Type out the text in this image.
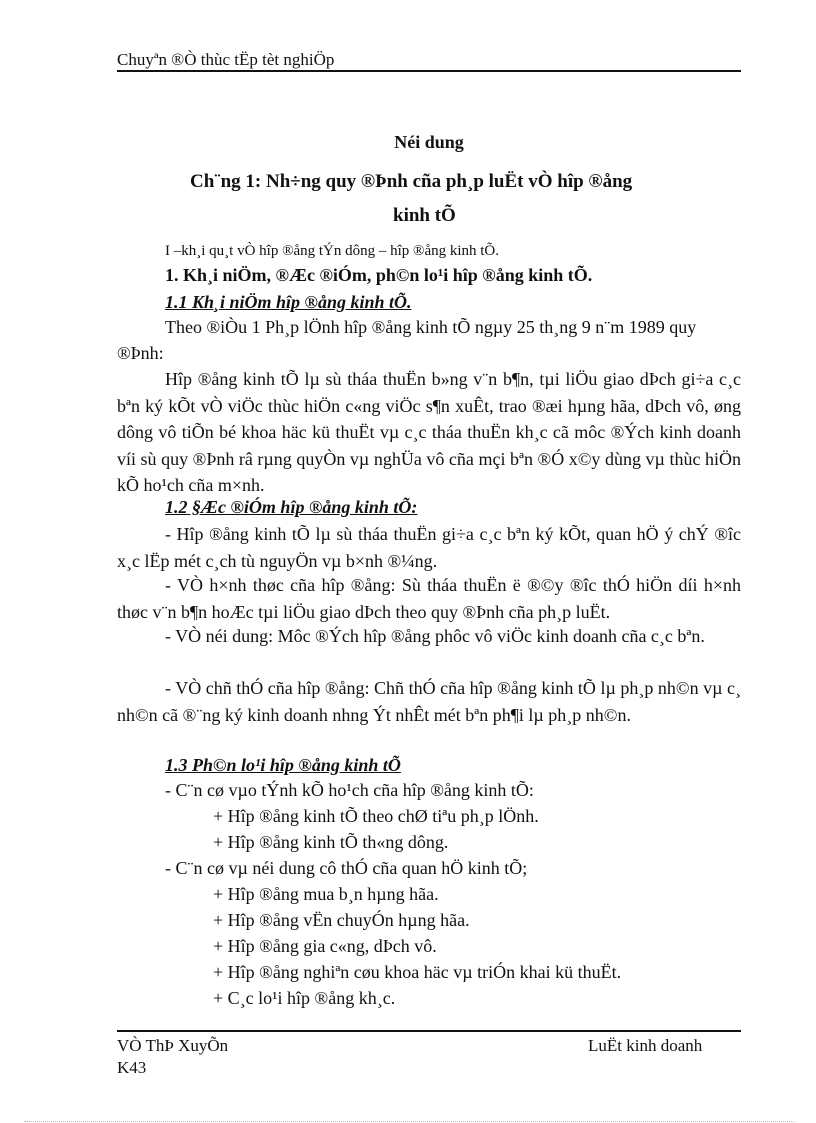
Chuyªn ®Ò thùc tËp tèt nghiÖp
Néi dung
Ch¨ng 1: Nh÷ng quy ®Þnh cña ph¸p luËt vÒ hîp ®ång
kinh tÕ
I –kh¸i qu¸t vÒ hîp ®ång tÝn dông – hîp ®ång kinh tÕ.
1. Kh¸i niÖm, ®Æc ®iÓm, ph©n lo¹i hîp ®ång kinh tÕ.
1.1 Kh¸i niÖm hîp ®ång kinh tÕ.
Theo ®iÒu 1 Ph¸p lÖnh hîp ®ång kinh tÕ ngµy 25 th¸ng 9 n¨m 1989 quy
®Þnh:
Hîp ®ång kinh tÕ lµ sù tháa thuËn b»ng v¨n b¶n, tµi liÖu giao dÞch gi÷a c¸c bªn ký kÕt vÒ viÖc thùc hiÖn c«ng viÖc s¶n xuÊt, trao ®æi hµng hãa, dÞch vô, øng dông vô tiÕn bé khoa häc kü thuËt vµ c¸c tháa thuËn kh¸c cã môc ®Ých kinh doanh víi sù quy ®Þnh râ rµng quyÒn vµ nghÜa vô cña mçi bªn ®Ó x©y dùng vµ thùc hiÖn kÕ ho¹ch cña m×nh.
1.2 §Æc ®iÓm hîp ®ång kinh tÕ:
- Hîp ®ång kinh tÕ lµ sù tháa thuËn gi÷a c¸c bªn ký kÕt, quan hÖ ý chÝ ®îc x¸c lËp mét c¸ch tù nguyÖn vµ b×nh ®¼ng.
- VÒ h×nh thøc cña hîp ®ång: Sù tháa thuËn ë ®©y ®îc thÓ hiÖn díi h×nh thøc v¨n b¶n hoÆc tµi liÖu giao dÞch theo quy ®Þnh cña ph¸p luËt.
- VÒ néi dung: Môc ®Ých hîp ®ång phôc vô viÖc kinh doanh cña c¸c bªn.
- VÒ chñ thÓ cña hîp ®ång: Chñ thÓ cña hîp ®ång kinh tÕ lµ ph¸p nh©n vµ c¸ nh©n cã ®¨ng ký kinh doanh nhng Ýt nhÊt mét bªn ph¶i lµ ph¸p nh©n.
1.3 Ph©n lo¹i hîp ®ång kinh tÕ
- C¨n cø vµo tÝnh kÕ ho¹ch cña hîp ®ång kinh tÕ:
+ Hîp ®ång kinh tÕ theo chØ tiªu ph¸p lÖnh.
+ Hîp ®ång kinh tÕ th«ng dông.
- C¨n cø vµ néi dung cô thÓ cña quan hÖ kinh tÕ;
+ Hîp ®ång mua b¸n hµng hãa.
+ Hîp ®ång vËn chuyÓn hµng hãa.
+ Hîp ®ång gia c«ng, dÞch vô.
+ Hîp ®ång nghiªn cøu khoa häc vµ triÓn khai kü thuËt.
+ C¸c lo¹i hîp ®ång kh¸c.
VÒ ThÞ XuyÕn
K43
LuËt kinh doanh
